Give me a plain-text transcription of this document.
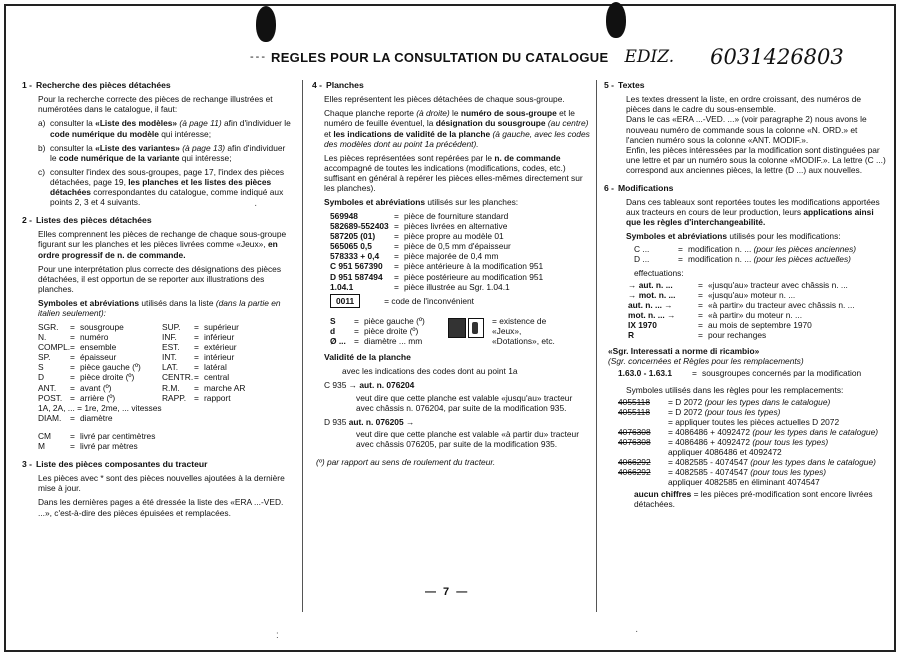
·
:	·
--- REGLES POUR LA CONSULTATION DU CATALOGUE EDIZ. 6031426803
1 - Recherche des pièces détachées

Pour la recherche correcte des pièces de rechange illustrées et numérotées dans le catalogue, il faut:

a) consulter la «Liste des modèles» (à page 11) afin d'individuer le code numérique du modèle qui intéresse;
b) consulter la «Liste des variantes» (à page 13) afin d'individuer le code numérique de la variante qui intéresse;
c) consulter l'index des sous-groupes, page 17, l'index des pièces détachées, page 19, les planches et les listes des pièces détachées correspondantes du catalogue, comme indiqué aux points 2, 3 et 4 suivants.
2 - Listes des pièces détachées

Elles comprennent les pièces de rechange de chaque sous-groupe figurant sur les planches et les pièces livrées comme «Jeux», en ordre progressif de n. de commande.

Pour une interprétation plus correcte des désignations des pièces détachées, il est opportun de se reporter aux illustrations des planches.

Symboles et abréviations utilisés dans la liste (dans la partie en italien seulement):

SGR.	= sousgroupe	SUP.	= supérieur
N.	= numéro	INF.	= inférieur
COMPL. = ensemble	EST.	= extérieur
SP.	= épaisseur	INT.	= intérieur
S	= pièce gauche (º)	LAT.	= latéral
D	= pièce droite (º)	CENTR. = central
ANT.	= avant (º)	R.M.	= marche AR
POST. = arrière (º)	RAPP. = rapport
1A, 2A, ... = 1re, 2me, ... vitesses
DIAM.	= diamètre
CM	= livré par centimètres
M	= livré par mètres
3 - Liste des pièces composantes du tracteur

Les pièces avec * sont des pièces nouvelles ajoutées à la dernière mise à jour.

Dans les dernières pages a été dressée la liste des «ERA ...-VED. ...», c'est-à-dire des pièces épuisées et remplacées.

4 - Planches

Elles représentent les pièces détachées de chaque sous-groupe.

Chaque planche reporte (à droite) le numéro de sous-groupe et le numéro de feuille éventuel, la désignation du sousgroupe (au centre) et les indications de validité de la planche (à gauche, avec les codes des modèles dont au point 1a précédent).

Les pièces représentées sont repérées par le n. de commande accompagné de toutes les indications (modifications, codes, etc.) suffisant en général à repérer les pièces elles-mêmes directement sur les planches).

Symboles et abréviations utilisés sur les planches:

569948	= pièce de fourniture standard
582689-552403 = pièces livrées en alternative
587205 (01)	= pièce propre au modèle 01
565065 0,5	= pièce de 0,5 mm d'épaisseur
578333 + 0,4	= pièce majorée de 0,4 mm
C 951 567390	= pièce antérieure à la modification 951
D 951 587494	= pièce postérieure au modification 951
1.04.1	= pièce illustrée au Sgr. 1.04.1
0011	= code de l'inconvénient
S	= pièce gauche (º)
d	= pièce droite (º)
Ø ... = diamètre ... mm
= existence de «Jeux», «Dotations», etc.
Validité de la planche

avec les indications des codes dont au point 1a

C 935 → aut. n. 076204

veut dire que cette planche est valable «jusqu'au» tracteur avec châssis n. 076204, par suite de la modification 935.

D 935 aut. n. 076205 →

veut dire que cette planche est valable «à partir du» tracteur avec châssis 076205, par suite de la modification 935.

(º) par rapport au sens de roulement du tracteur.

5 - Textes

Les textes dressent la liste, en ordre croissant, des numéros de pièces dans le cadre du sous-ensemble.

Dans le cas «ERA ...-VED. ...» (voir paragraphe 2) nous avons le nouveau numéro de commande sous la colonne «N. ORD.» et l'ancien numéro sous la colonne «ANT. MODIF.».

Enfin, les pièces intéressées par la modification sont distinguées par une lettre et par un numéro sous la colonne «MODIF.». La lettre (C ...) correspond aux anciennes pièces, la lettre (D ...) aux nouvelles.

6 - Modifications

Dans ces tableaux sont reportées toutes les modifications apportées aux tracteurs en cours de leur production, leurs applications ainsi que les règles d'interchangeabilité.

Symboles et abréviations utilisés pour les modifications:

C ...	= modification n. ... (pour les pièces anciennes)
D ...	= modification n. ... (pour les pièces actuelles)

effectuations:

→ aut. n. ...	= «jusqu'au» tracteur avec châssis n. ...
→ mot. n. ...	= «jusqu'au» moteur n. ...
aut. n. ... →	= «à partir» du tracteur avec châssis n. ...
mot. n. ... →	= «à partir» du moteur n. ...
IX 1970	= au mois de septembre 1970
R	= pour rechanges

«Sgr. Interessati a norme di ricambio»

(Sgr. concernées et Règles pour les remplacements)

1.63.0 - 1.63.1	= sousgroupes concernés par la modification

Symboles utilisés dans les règles pour les remplacements:

4055118	= D 2072 (pour les types dans le catalogue)
4055118	= D 2072 (pour tous les types)
= appliquer toutes les pièces actuelles D 2072
4076308	= 4086486 + 4092472 (pour les types dans le catalogue)
4076308	= 4086486 + 4092472 (pour tous les types)
appliquer 4086486 et 4092472
4066292	= 4082585 - 4074547 (pour les types dans le catalogue)
4066292	= 4082585 - 4074547 (pour tous les types)
appliquer 4082585 en éliminant 4074547

aucun chiffres = les pièces pré-modification sont encore livrées détachées.

— 7 —
